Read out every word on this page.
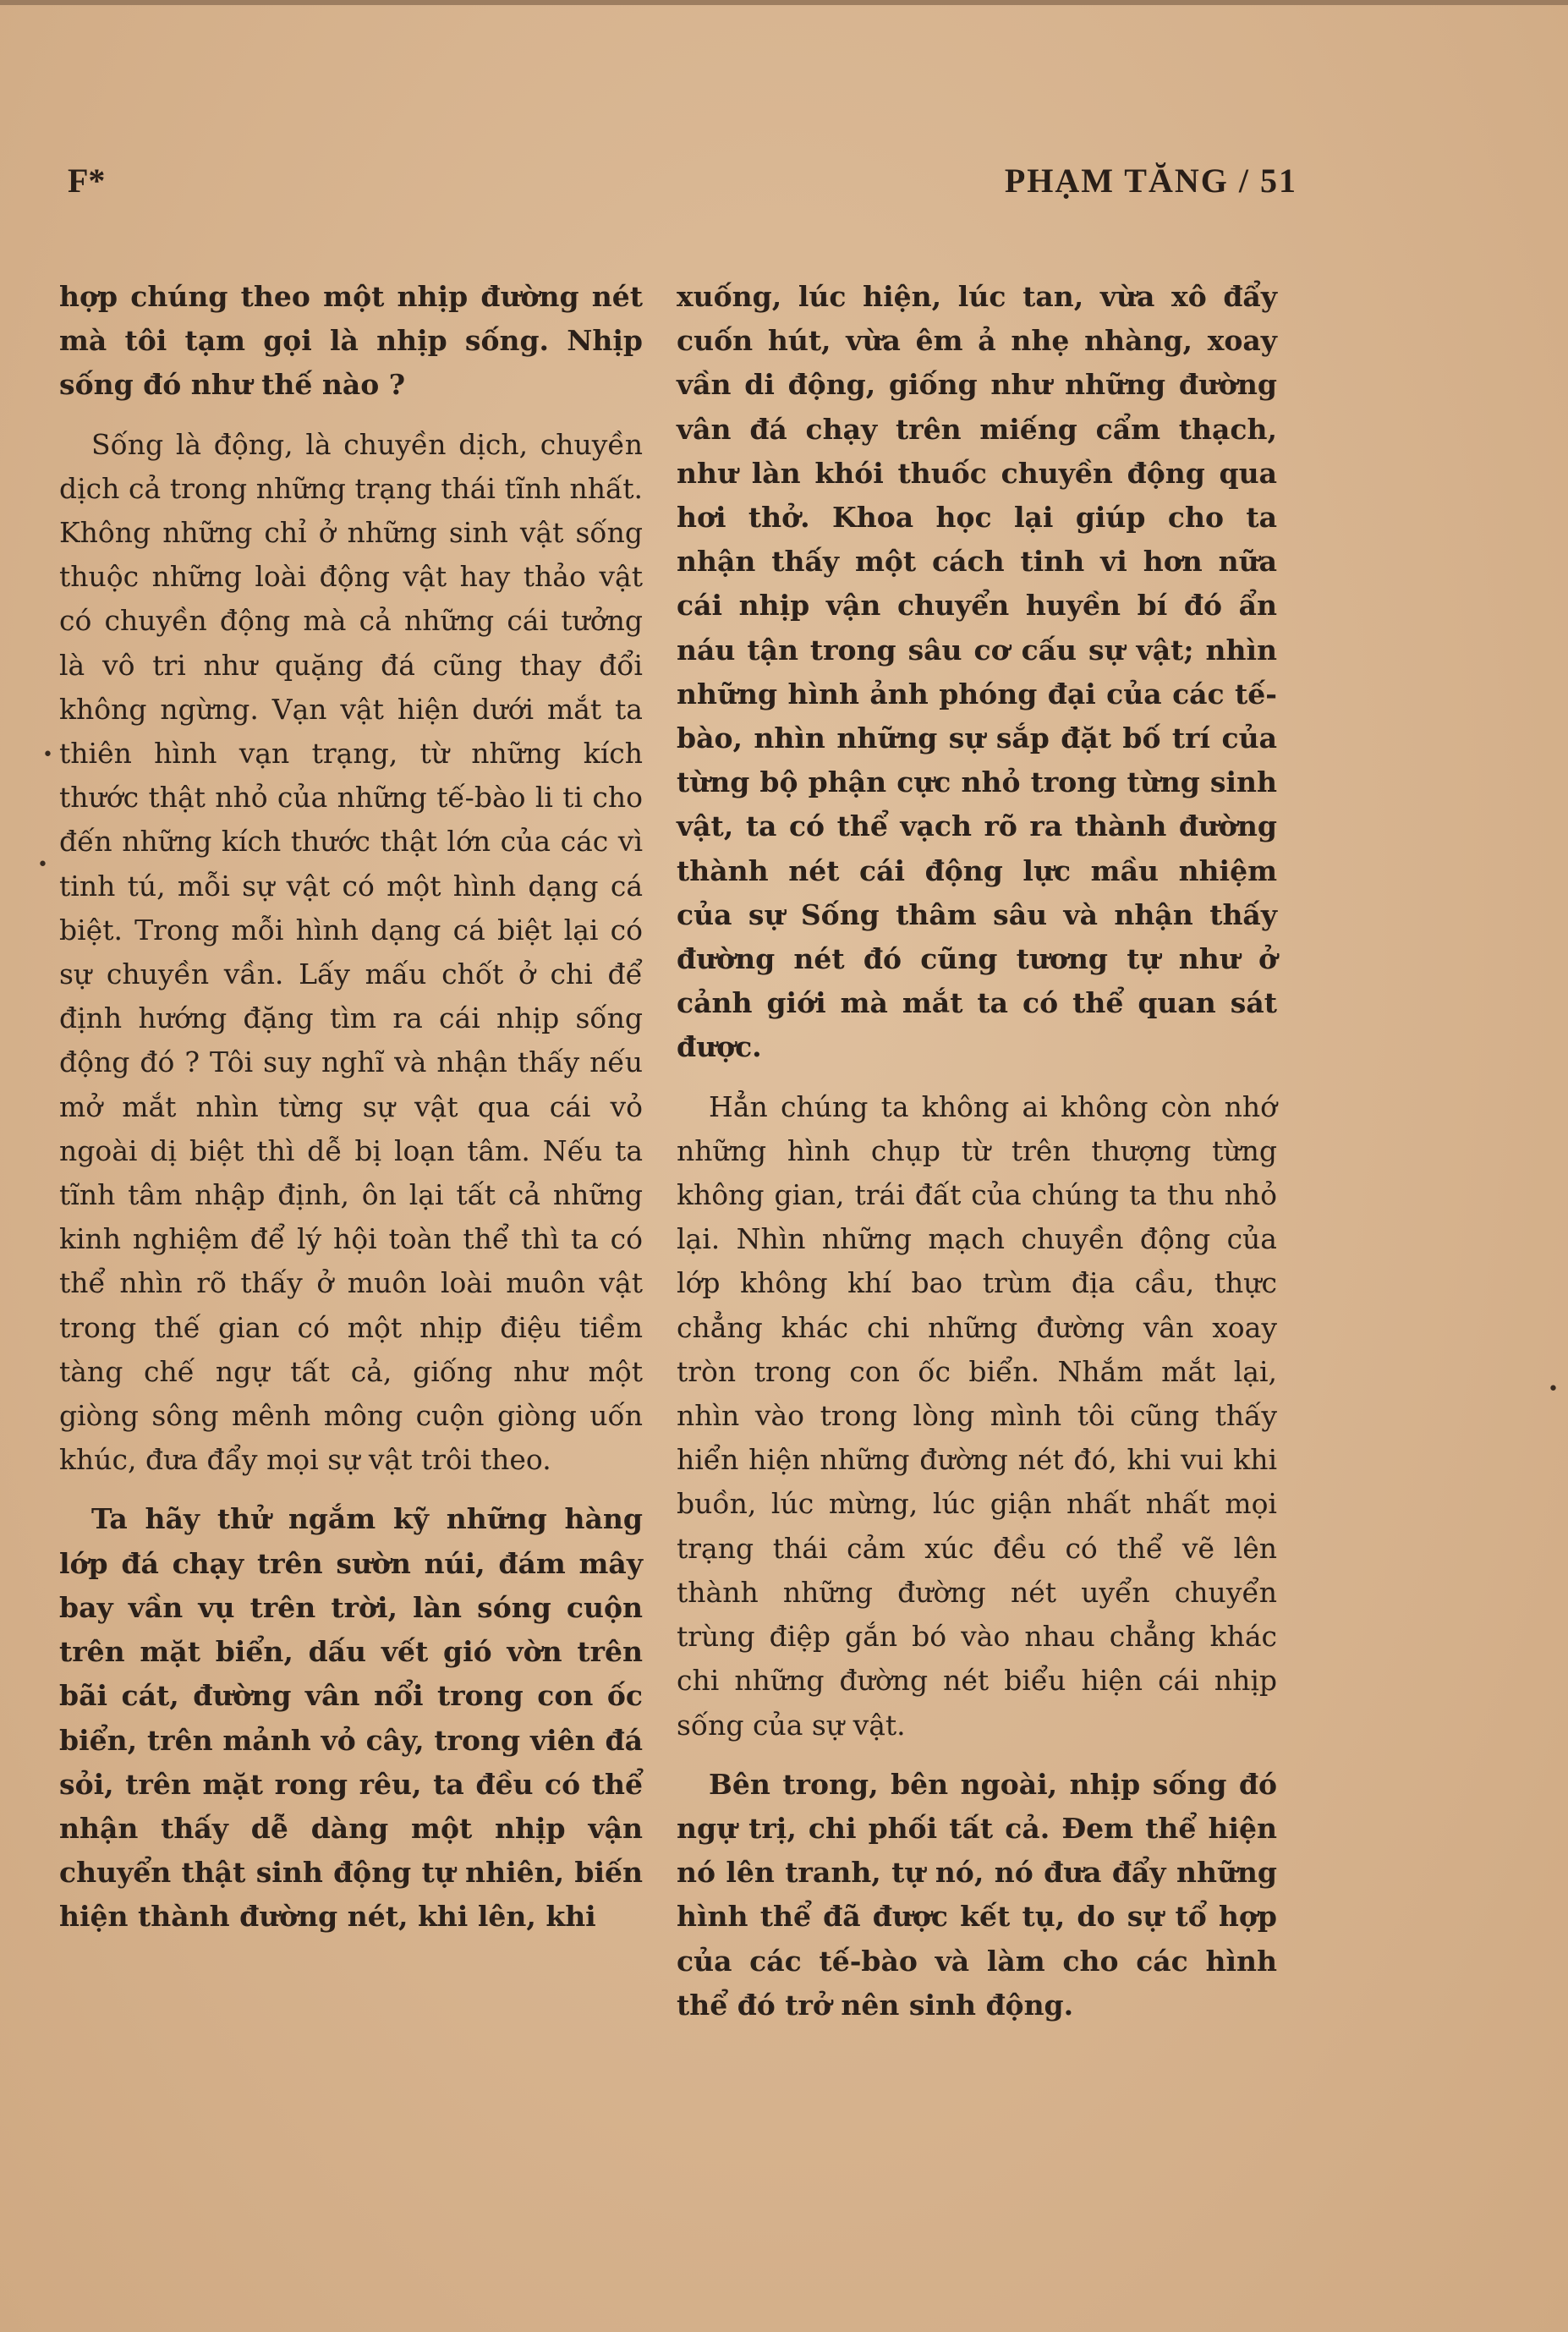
F*	PHẠM TĂNG / 51

hợp chúng theo một nhịp đường nét mà tôi tạm gọi là nhịp sống. Nhịp sống đó như thế nào ?

Sống là động, là chuyền dịch, chuyền dịch cả trong những trạng thái tĩnh nhất. Không những chỉ ở những sinh vật sống thuộc những loài động vật hay thảo vật có chuyền động mà cả những cái tưởng là vô tri như quặng đá cũng thay đổi không ngừng. Vạn vật hiện dưới mắt ta thiên hình vạn trạng, từ những kích thước thật nhỏ của những tế-bào li ti cho đến những kích thước thật lớn của các vì tinh tú, mỗi sự vật có một hình dạng cá biệt. Trong mỗi hình dạng cá biệt lại có sự chuyền vần. Lấy mấu chốt ở chi để định hướng đặng tìm ra cái nhịp sống động đó ? Tôi suy nghĩ và nhận thấy nếu mở mắt nhìn từng sự vật qua cái vỏ ngoài dị biệt thì dễ bị loạn tâm. Nếu ta tĩnh tâm nhập định, ôn lại tất cả những kinh nghiệm để lý hội toàn thể thì ta có thể nhìn rõ thấy ở muôn loài muôn vật trong thế gian có một nhịp điệu tiềm tàng chế ngự tất cả, giống như một giòng sông mênh mông cuộn giòng uốn khúc, đưa đẩy mọi sự vật trôi theo.

Ta hãy thử ngắm kỹ những hàng lớp đá chạy trên sườn núi, đám mây bay vần vụ trên trời, làn sóng cuộn trên mặt biển, dấu vết gió vờn trên bãi cát, đường vân nổi trong con ốc biển, trên mảnh vỏ cây, trong viên đá sỏi, trên mặt rong rêu, ta đều có thể nhận thấy dễ dàng một nhịp vận chuyển thật sinh động tự nhiên, biến hiện thành đường nét, khi lên, khi

xuống, lúc hiện, lúc tan, vừa xô đẩy cuốn hút, vừa êm ả nhẹ nhàng, xoay vần di động, giống như những đường vân đá chạy trên miếng cẩm thạch, như làn khói thuốc chuyền động qua hơi thở. Khoa học lại giúp cho ta nhận thấy một cách tinh vi hơn nữa cái nhịp vận chuyển huyền bí đó ẩn náu tận trong sâu cơ cấu sự vật; nhìn những hình ảnh phóng đại của các tế-bào, nhìn những sự sắp đặt bố trí của từng bộ phận cực nhỏ trong từng sinh vật, ta có thể vạch rõ ra thành đường thành nét cái động lực mầu nhiệm của sự Sống thâm sâu và nhận thấy đường nét đó cũng tương tự như ở cảnh giới mà mắt ta có thể quan sát được.

Hẳn chúng ta không ai không còn nhớ những hình chụp từ trên thượng từng không gian, trái đất của chúng ta thu nhỏ lại. Nhìn những mạch chuyền động của lớp không khí bao trùm địa cầu, thực chẳng khác chi những đường vân xoay tròn trong con ốc biển. Nhắm mắt lại, nhìn vào trong lòng mình tôi cũng thấy hiển hiện những đường nét đó, khi vui khi buồn, lúc mừng, lúc giận nhất nhất mọi trạng thái cảm xúc đều có thể vẽ lên thành những đường nét uyển chuyển trùng điệp gắn bó vào nhau chẳng khác chi những đường nét biểu hiện cái nhịp sống của sự vật.

Bên trong, bên ngoài, nhịp sống đó ngự trị, chi phối tất cả. Đem thể hiện nó lên tranh, tự nó, nó đưa đẩy những hình thể đã được kết tụ, do sự tổ hợp của các tế-bào và làm cho các hình thể đó trở nên sinh động.

•
•
•
